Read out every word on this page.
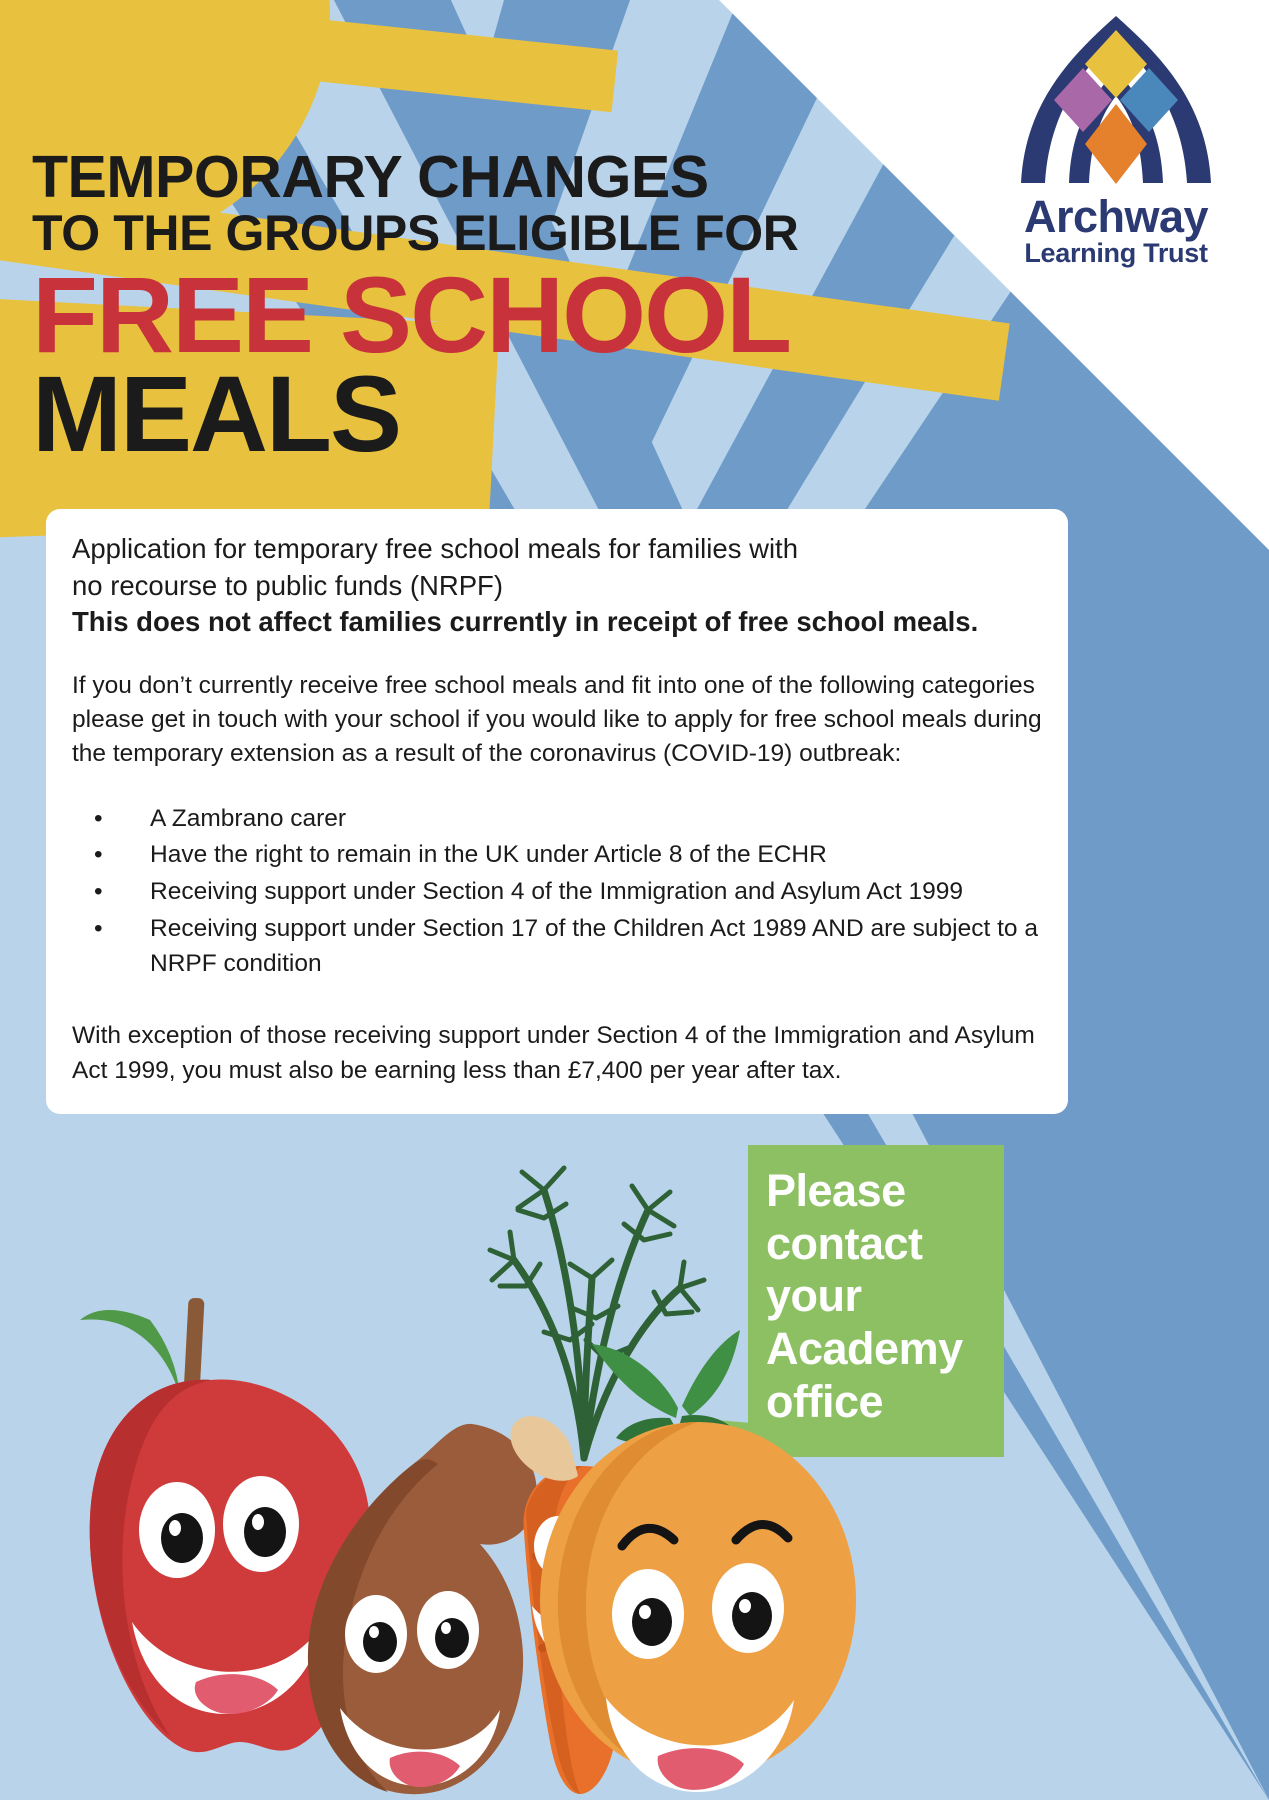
Archway
Learning Trust
TEMPORARY CHANGES
TO THE GROUPS ELIGIBLE FOR
FREE SCHOOL
MEALS
Application for temporary free school meals for families with
no recourse to public funds (NRPF)
This does not affect families currently in receipt of free school meals.
If you don’t currently receive free school meals and fit into one of the following categories please get in touch with your school if you would like to apply for free school meals during the temporary extension as a result of the coronavirus (COVID-19) outbreak:
•	A Zambrano carer
•	Have the right to remain in the UK under Article 8 of the ECHR
•	Receiving support under Section 4 of the Immigration and Asylum Act 1999
•	Receiving support under Section 17 of the Children Act 1989 AND are subject to a NRPF condition
With exception of those receiving support under Section 4 of the Immigration and Asylum Act 1999, you must also be earning less than £7,400 per year after tax.
Please contact your Academy office
